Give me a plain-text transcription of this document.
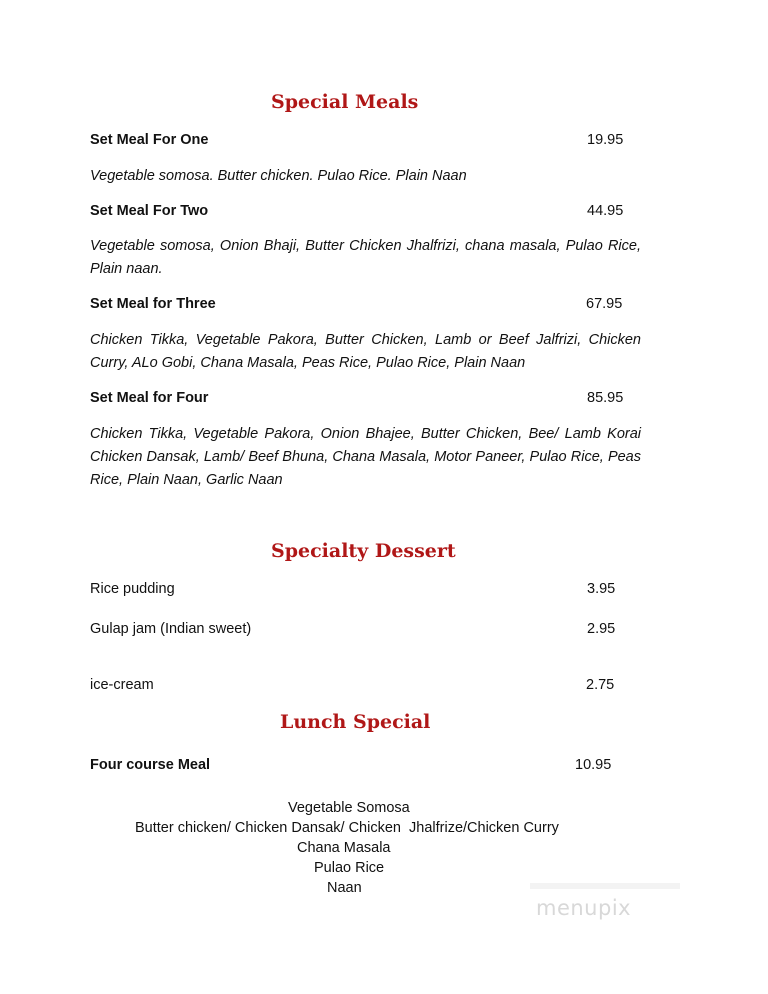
Special Meals
Set Meal For One	19.95
Vegetable somosa. Butter chicken. Pulao Rice. Plain Naan
Set Meal For Two	44.95
Vegetable somosa, Onion Bhaji, Butter Chicken Jhalfrizi, chana masala, Pulao Rice, Plain naan.
Set Meal for Three	67.95
Chicken Tikka, Vegetable Pakora, Butter Chicken, Lamb or Beef Jalfrizi, Chicken Curry, ALo Gobi, Chana Masala, Peas Rice, Pulao Rice, Plain Naan
Set Meal for Four	85.95
Chicken Tikka, Vegetable Pakora, Onion Bhajee, Butter Chicken, Bee/ Lamb Korai Chicken Dansak, Lamb/ Beef Bhuna, Chana Masala, Motor Paneer, Pulao Rice, Peas Rice, Plain Naan, Garlic Naan
Specialty Dessert
Rice pudding	3.95
Gulap jam (Indian sweet)	2.95
ice-cream	2.75
Lunch Special
Four course Meal	10.95
Vegetable Somosa
Butter chicken/ Chicken Dansak/ Chicken  Jhalfrize/Chicken Curry
Chana Masala
Pulao Rice
Naan
menupix
